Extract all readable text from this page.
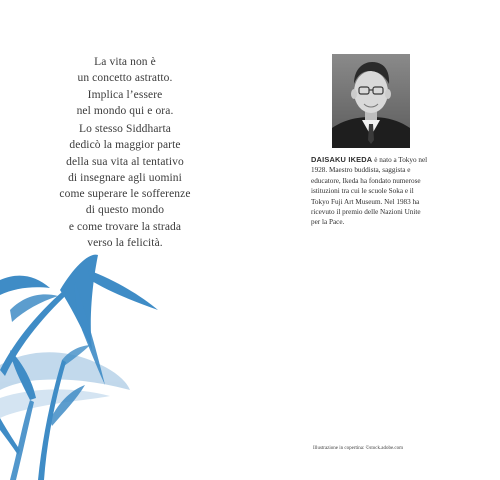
La vita non è

un concetto astratto.

Implica l’essere

nel mondo qui e ora.

Lo stesso Siddharta

dedicò la maggior parte

della sua vita al tentativo

di insegnare agli uomini

come superare le sofferenze

di questo mondo

e come trovare la strada

verso la felicità.

DAISAKU IKEDA è nato a Tokyo nel 1928. Maestro buddista, saggista e educatore, Ikeda ha fondato numerose istituzioni tra cui le scuole Soka e il Tokyo Fuji Art Museum. Nel 1983 ha ricevuto il premio delle Nazioni Unite per la Pace.
Illustrazione in copertina: ©stock.adobe.com
